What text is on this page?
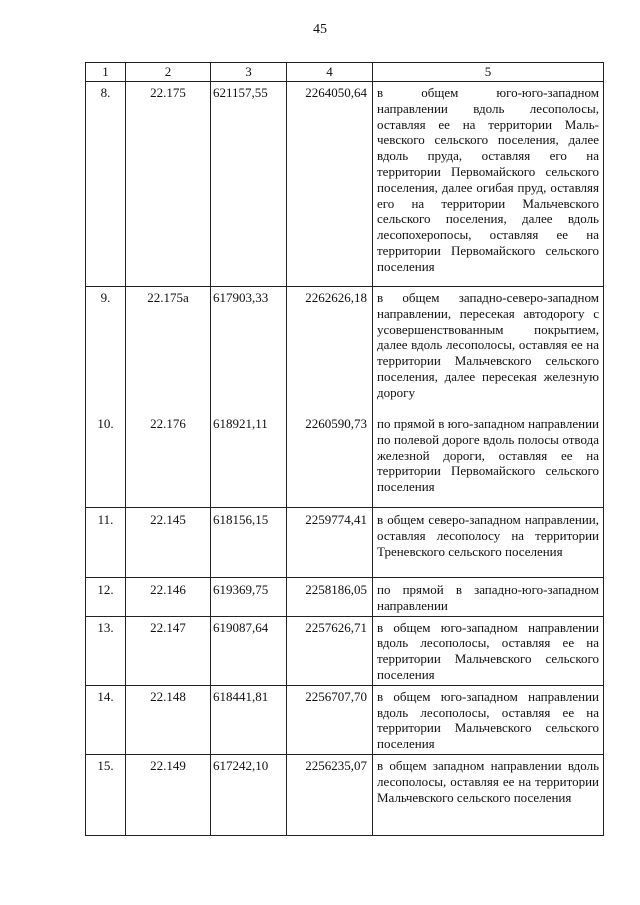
45
1	2	3	4	5
8.	22.175	621157,55	2264050,64	в общем юго-юго-западном направлении вдоль лесополосы, оставляя ее на территории Мальчевского сельского поселения, далее вдоль пруда, оставляя его на территории Первомайского сельского поселения, далее огибая пруд, оставляя его на территории Мальчевского сельского поселения, далее вдоль лесопохеропосы, оставляя ее на территории Первомайского сельского поселения
9.	22.175а	617903,33	2262626,18	в общем западно-северо-западном направлении, пересекая автодорогу с усовершенствованным покрытием, далее вдоль лесополосы, оставляя ее на территории Мальчевского сельского поселения, далее пересекая железную дорогу
10.	22.176	618921,11	2260590,73	по прямой в юго-западном направлении по полевой дороге вдоль полосы отвода железной дороги, оставляя ее на территории Первомайского сельского поселения
11.	22.145	618156,15	2259774,41	в общем северо-западном направлении, оставляя лесополосу на территории Треневского сельского поселения
12.	22.146	619369,75	2258186,05	по прямой в западно-юго-западном направлении
13.	22.147	619087,64	2257626,71	в общем юго-западном направлении вдоль лесополосы, оставляя ее на территории Мальчевского сельского поселения
14.	22.148	618441,81	2256707,70	в общем юго-западном направлении вдоль лесополосы, оставляя ее на территории Мальчевского сельского поселения
15.	22.149	617242,10	2256235,07	в общем западном направлении вдоль лесополосы, оставляя ее на территории Мальчевского сельского поселения
